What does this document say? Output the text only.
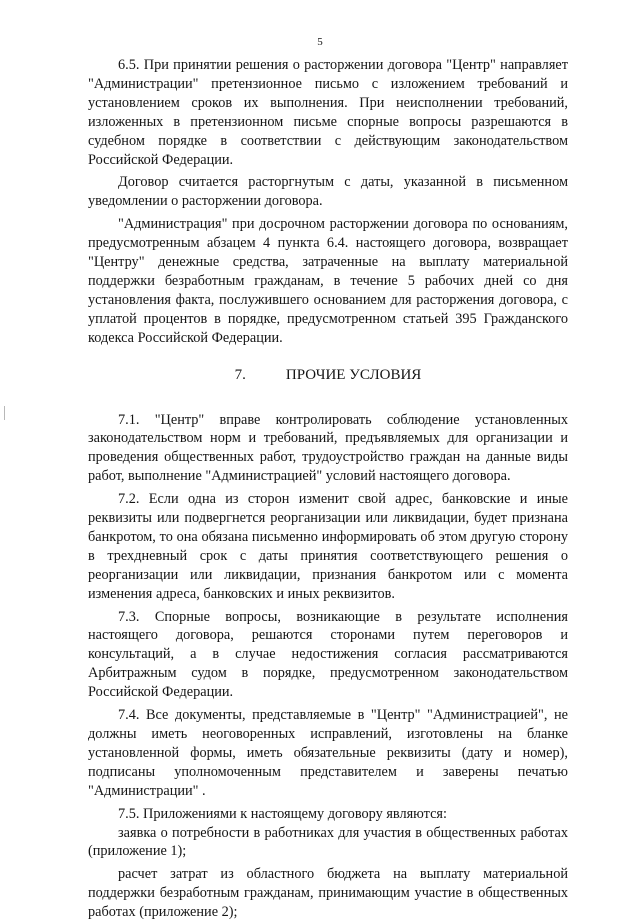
5

6.5. При принятии решения о расторжении договора "Центр" направляет "Администрации" претензионное письмо с изложением требований и установлением сроков их выполнения. При неисполнении требований, изложенных в претензионном письме спорные вопросы разрешаются в судебном порядке в соответствии с действующим законодательством Российской Федерации.

Договор считается расторгнутым с даты, указанной в письменном уведомлении о расторжении договора.

"Администрация" при досрочном расторжении договора по основаниям, предусмотренным абзацем 4 пункта 6.4. настоящего договора, возвращает "Центру" денежные средства, затраченные на выплату материальной поддержки безработным гражданам, в течение 5 рабочих дней со дня установления факта, послужившего основанием для расторжения договора, с уплатой процентов в порядке, предусмотренном статьей 395 Гражданского кодекса Российской Федерации.

7.	ПРОЧИЕ УСЛОВИЯ

7.1. "Центр" вправе контролировать соблюдение установленных законодательством норм и требований, предъявляемых для организации и проведения общественных работ, трудоустройство граждан на данные виды работ, выполнение "Администрацией" условий настоящего договора.

7.2. Если одна из сторон изменит свой адрес, банковские и иные реквизиты или подвергнется реорганизации или ликвидации, будет признана банкротом, то она обязана письменно информировать об этом другую сторону в трехдневный срок с даты принятия соответствующего решения о реорганизации или ликвидации, признания банкротом или с момента изменения адреса, банковских и иных реквизитов.

7.3. Спорные вопросы, возникающие в результате исполнения настоящего договора, решаются сторонами путем переговоров и консультаций, а в случае недостижения согласия рассматриваются Арбитражным судом в порядке, предусмотренном законодательством Российской Федерации.

7.4. Все документы, представляемые в "Центр" "Администрацией", не должны иметь неоговоренных исправлений, изготовлены на бланке установленной формы, иметь обязательные реквизиты (дату и номер), подписаны уполномоченным представителем и заверены печатью "Администрации" .

7.5. Приложениями к настоящему договору являются:

заявка о потребности в работниках для участия в общественных работах (приложение 1);

расчет затрат из областного бюджета на выплату материальной поддержки безработным гражданам, принимающим участие в общественных работах (приложение 2);
